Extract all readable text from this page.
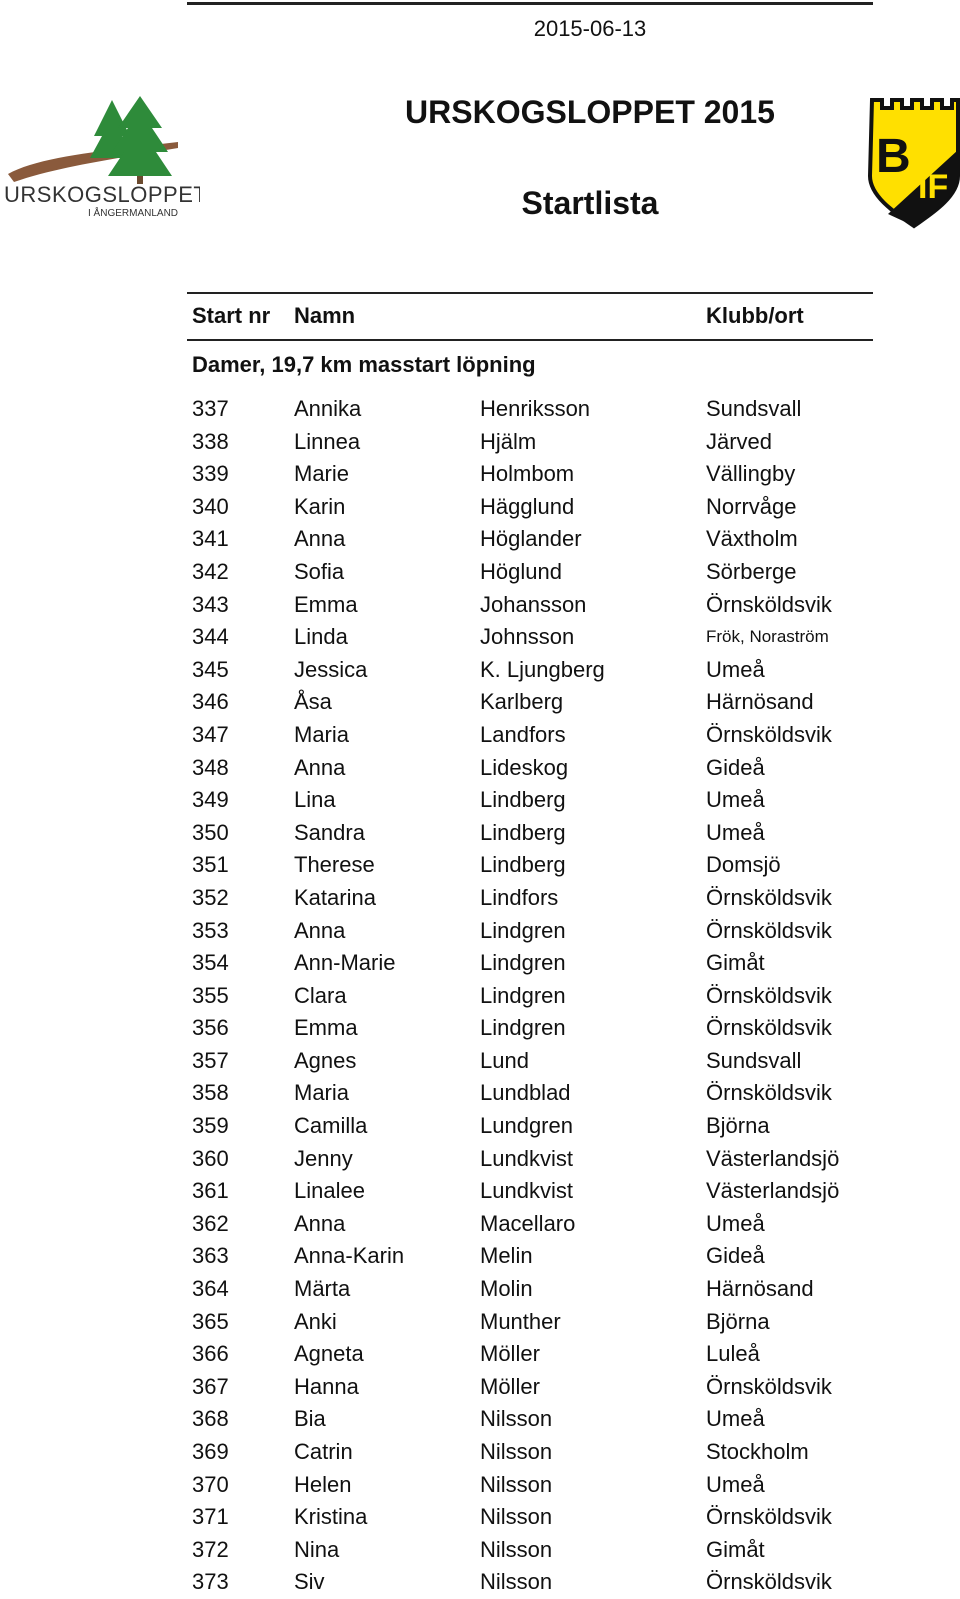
2015-06-13
URSKOGSLOPPET 2015
Startlista
URSKOGSLOPPET
I ÅNGERMANLAND
B
IF
Start nr Namn	Klubb/ort
Damer, 19,7 km masstart löpning
337	Annika	Henriksson	Sundsvall
338	Linnea	Hjälm	Järved
339	Marie	Holmbom	Vällingby
340	Karin	Hägglund	Norrvåge
341	Anna	Höglander	Växtholm
342	Sofia	Höglund	Sörberge
343	Emma	Johansson	Örnsköldsvik
344	Linda	Johnsson	Frök, Noraström
345	Jessica	K. Ljungberg	Umeå
346	Åsa	Karlberg	Härnösand
347	Maria	Landfors	Örnsköldsvik
348	Anna	Lideskog	Gideå
349	Lina	Lindberg	Umeå
350	Sandra	Lindberg	Umeå
351	Therese	Lindberg	Domsjö
352	Katarina	Lindfors	Örnsköldsvik
353	Anna	Lindgren	Örnsköldsvik
354	Ann-Marie	Lindgren	Gimåt
355	Clara	Lindgren	Örnsköldsvik
356	Emma	Lindgren	Örnsköldsvik
357	Agnes	Lund	Sundsvall
358	Maria	Lundblad	Örnsköldsvik
359	Camilla	Lundgren	Björna
360	Jenny	Lundkvist	Västerlandsjö
361	Linalee	Lundkvist	Västerlandsjö
362	Anna	Macellaro	Umeå
363	Anna-Karin	Melin	Gideå
364	Märta	Molin	Härnösand
365	Anki	Munther	Björna
366	Agneta	Möller	Luleå
367	Hanna	Möller	Örnsköldsvik
368	Bia	Nilsson	Umeå
369	Catrin	Nilsson	Stockholm
370	Helen	Nilsson	Umeå
371	Kristina	Nilsson	Örnsköldsvik
372	Nina	Nilsson	Gimåt
373	Siv	Nilsson	Örnsköldsvik
